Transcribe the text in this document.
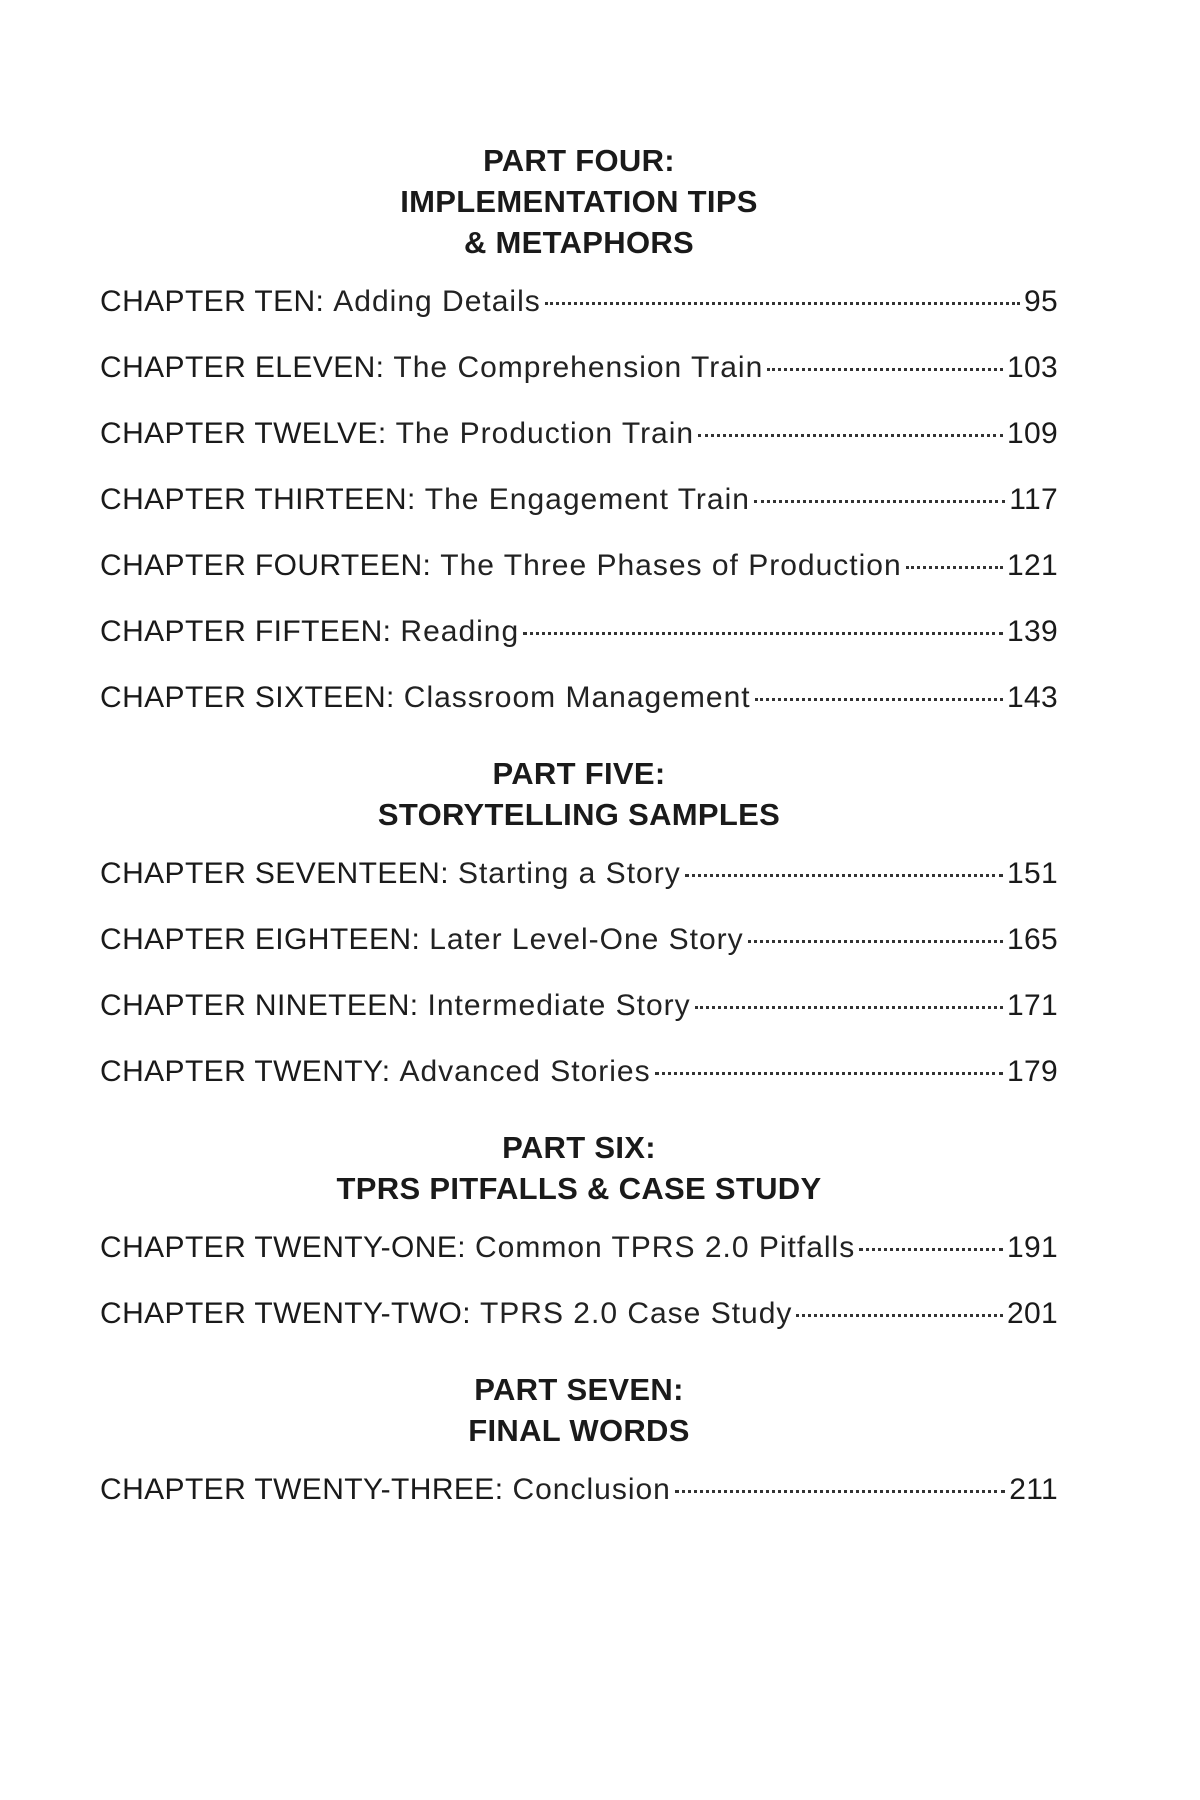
PART FOUR:
IMPLEMENTATION TIPS
& METAPHORS
CHAPTER TEN: Adding Details	95
CHAPTER ELEVEN: The Comprehension Train	103
CHAPTER TWELVE: The Production Train	109
CHAPTER THIRTEEN: The Engagement Train	117
CHAPTER FOURTEEN: The Three Phases of Production	121
CHAPTER FIFTEEN: Reading	139
CHAPTER SIXTEEN: Classroom Management	143
PART FIVE:
STORYTELLING SAMPLES
CHAPTER SEVENTEEN: Starting a Story	151
CHAPTER EIGHTEEN: Later Level-One Story	165
CHAPTER NINETEEN: Intermediate Story	171
CHAPTER TWENTY: Advanced Stories	179
PART SIX:
TPRS PITFALLS & CASE STUDY
CHAPTER TWENTY-ONE: Common TPRS 2.0 Pitfalls	191
CHAPTER TWENTY-TWO: TPRS 2.0 Case Study	201
PART SEVEN:
FINAL WORDS
CHAPTER TWENTY-THREE: Conclusion	211
